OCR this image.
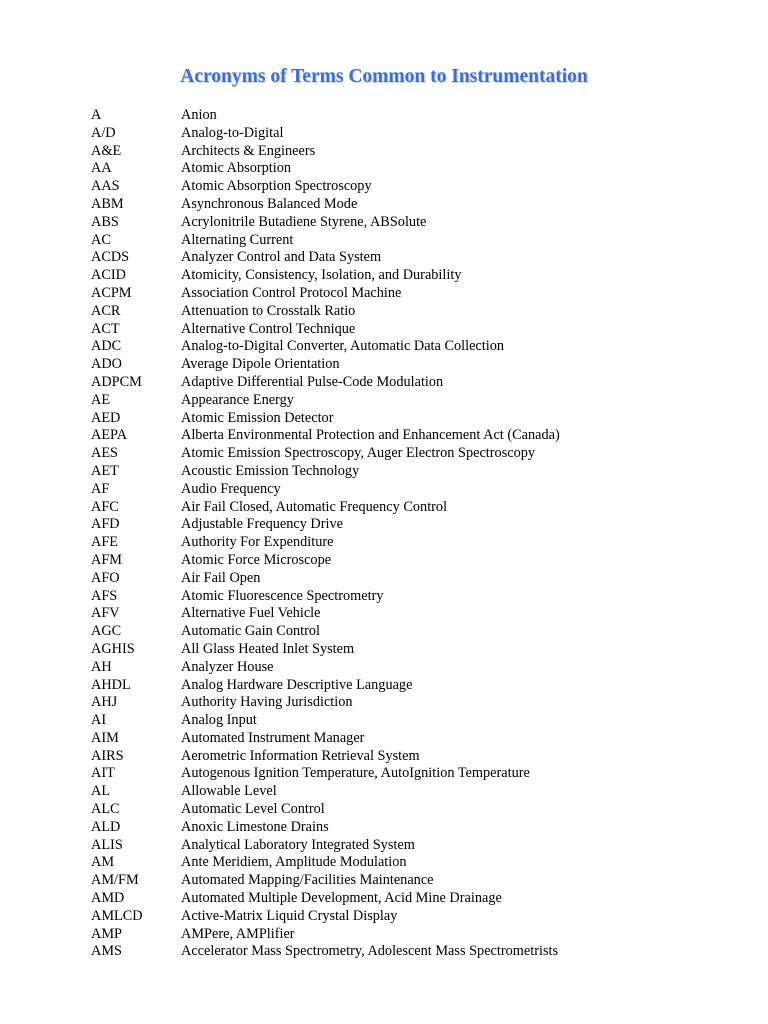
Acronyms of Terms Common to Instrumentation
A	Anion
A/D	Analog-to-Digital
A&E	Architects & Engineers
AA	Atomic Absorption
AAS	Atomic Absorption Spectroscopy
ABM	Asynchronous Balanced Mode
ABS	Acrylonitrile Butadiene Styrene, ABSolute
AC	Alternating Current
ACDS	Analyzer Control and Data System
ACID	Atomicity, Consistency, Isolation, and Durability
ACPM	Association Control Protocol Machine
ACR	Attenuation to Crosstalk Ratio
ACT	Alternative Control Technique
ADC	Analog-to-Digital Converter, Automatic Data Collection
ADO	Average Dipole Orientation
ADPCM	Adaptive Differential Pulse-Code Modulation
AE	Appearance Energy
AED	Atomic Emission Detector
AEPA	Alberta Environmental Protection and Enhancement Act (Canada)
AES	Atomic Emission Spectroscopy, Auger Electron Spectroscopy
AET	Acoustic Emission Technology
AF	Audio Frequency
AFC	Air Fail Closed, Automatic Frequency Control
AFD	Adjustable Frequency Drive
AFE	Authority For Expenditure
AFM	Atomic Force Microscope
AFO	Air Fail Open
AFS	Atomic Fluorescence Spectrometry
AFV	Alternative Fuel Vehicle
AGC	Automatic Gain Control
AGHIS	All Glass Heated Inlet System
AH	Analyzer House
AHDL	Analog Hardware Descriptive Language
AHJ	Authority Having Jurisdiction
AI	Analog Input
AIM	Automated Instrument Manager
AIRS	Aerometric Information Retrieval System
AIT	Autogenous Ignition Temperature, AutoIgnition Temperature
AL	Allowable Level
ALC	Automatic Level Control
ALD	Anoxic Limestone Drains
ALIS	Analytical Laboratory Integrated System
AM	Ante Meridiem, Amplitude Modulation
AM/FM	Automated Mapping/Facilities Maintenance
AMD	Automated Multiple Development, Acid Mine Drainage
AMLCD	Active-Matrix Liquid Crystal Display
AMP	AMPere, AMPlifier
AMS	Accelerator Mass Spectrometry, Adolescent Mass Spectrometrists
